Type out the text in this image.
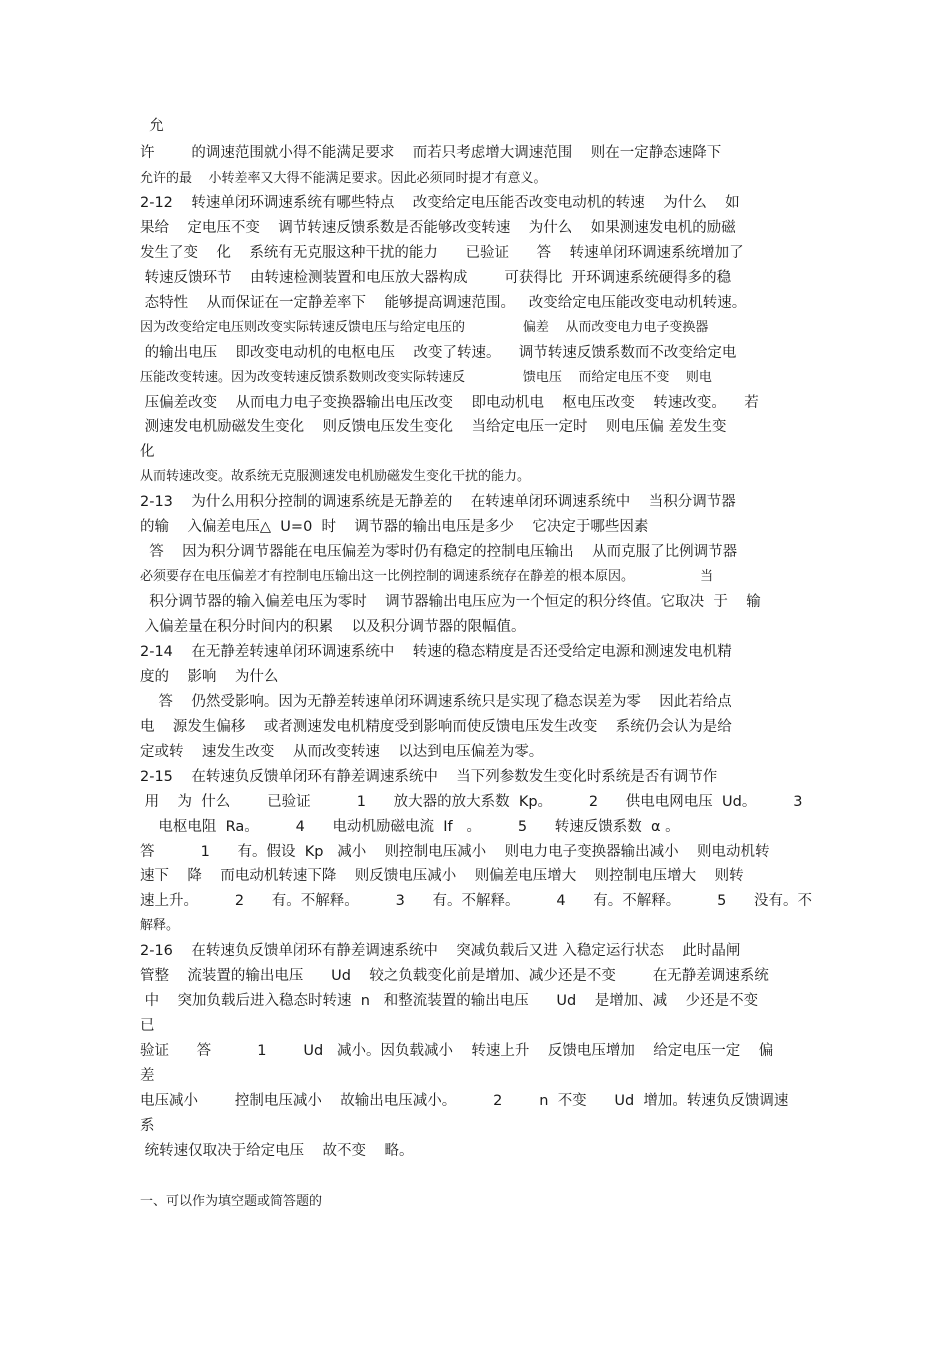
允
许        的调速范围就小得不能满足要求    而若只考虑增大调速范围    则在一定静态速降下
允许的最    小转差率又大得不能满足要求。因此必须同时提才有意义。
2-12    转速单闭环调速系统有哪些特点    改变给定电压能否改变电动机的转速    为什么    如
果给    定电压不变    调节转速反馈系数是否能够改变转速    为什么    如果测速发电机的励磁
发生了变    化    系统有无克服这种干扰的能力      已验证      答    转速单闭环调速系统增加了
转速反馈环节    由转速检测装置和电压放大器构成        可获得比  开环调速系统硬得多的稳
态特性    从而保证在一定静差率下    能够提高调速范围。   改变给定电压能改变电动机转速。
因为改变给定电压则改变实际转速反馈电压与给定电压的              偏差    从而改变电力电子变换器
的输出电压    即改变电动机的电枢电压    改变了转速。    调节转速反馈系数而不改变给定电
压能改变转速。因为改变转速反馈系数则改变实际转速反              馈电压    而给定电压不变    则电
压偏差改变    从而电力电子变换器输出电压改变    即电动机电    枢电压改变    转速改变。    若
测速发电机励磁发生变化    则反馈电压发生变化    当给定电压一定时    则电压偏 差发生变
化
从而转速改变。故系统无克服测速发电机励磁发生变化干扰的能力。
2-13    为什么用积分控制的调速系统是无静差的    在转速单闭环调速系统中    当积分调节器
的输    入偏差电压△  U=0  时    调节器的输出电压是多少    它决定于哪些因素
答    因为积分调节器能在电压偏差为零时仍有稳定的控制电压输出    从而克服了比例调节器
必须要存在电压偏差才有控制电压输出这一比例控制的调速系统存在静差的根本原因。                当
积分调节器的输入偏差电压为零时    调节器输出电压应为一个恒定的积分终值。它取决  于    输
入偏差量在积分时间内的积累    以及积分调节器的限幅值。
2-14    在无静差转速单闭环调速系统中    转速的稳态精度是否还受给定电源和测速发电机精
度的    影响    为什么
答    仍然受影响。因为无静差转速单闭环调速系统只是实现了稳态误差为零    因此若给点
电    源发生偏移    或者测速发电机精度受到影响而使反馈电压发生改变    系统仍会认为是给
定或转    速发生改变    从而改变转速    以达到电压偏差为零。
2-15    在转速负反馈单闭环有静差调速系统中    当下列参数发生变化时系统是否有调节作
用    为  什么        已验证          1      放大器的放大系数  Kp。        2      供电电网电压  Ud。        3
电枢电阻  Ra。        4      电动机励磁电流  If   。        5      转速反馈系数  α 。
答          1      有。假设  Kp   减小    则控制电压减小    则电力电子变换器输出减小    则电动机转
速下    降    而电动机转速下降    则反馈电压减小    则偏差电压增大    则控制电压增大    则转
速上升。        2      有。不解释。        3      有。不解释。        4      有。不解释。        5      没有。不
解释。
2-16    在转速负反馈单闭环有静差调速系统中    突减负载后又进 入稳定运行状态    此时晶闸
管整    流装置的输出电压      Ud    较之负载变化前是增加、减少还是不变        在无静差调速系统
中    突加负载后进入稳态时转速  n   和整流装置的输出电压      Ud    是增加、减    少还是不变
已
验证      答          1        Ud   减小。因负载减小    转速上升    反馈电压增加    给定电压一定    偏
差
电压减小        控制电压减小    故输出电压减小。        2        n  不变      Ud  增加。转速负反馈调速
系
统转速仅取决于给定电压    故不变    略。
一、可以作为填空题或简答题的
